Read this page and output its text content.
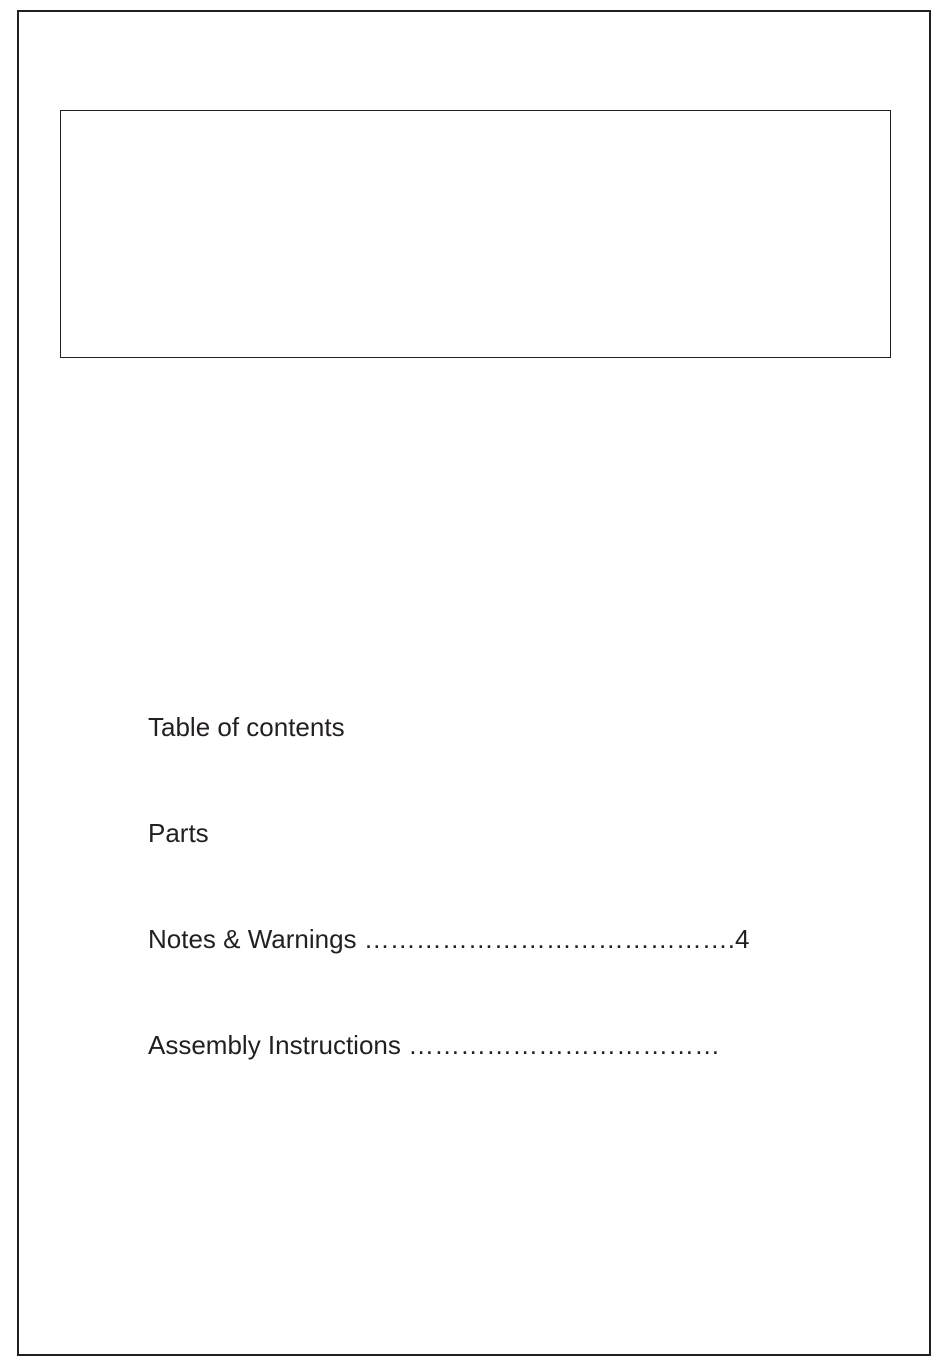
Table of contents
Parts
Notes & Warnings …………………………………….4
Assembly Instructions ………………………………
